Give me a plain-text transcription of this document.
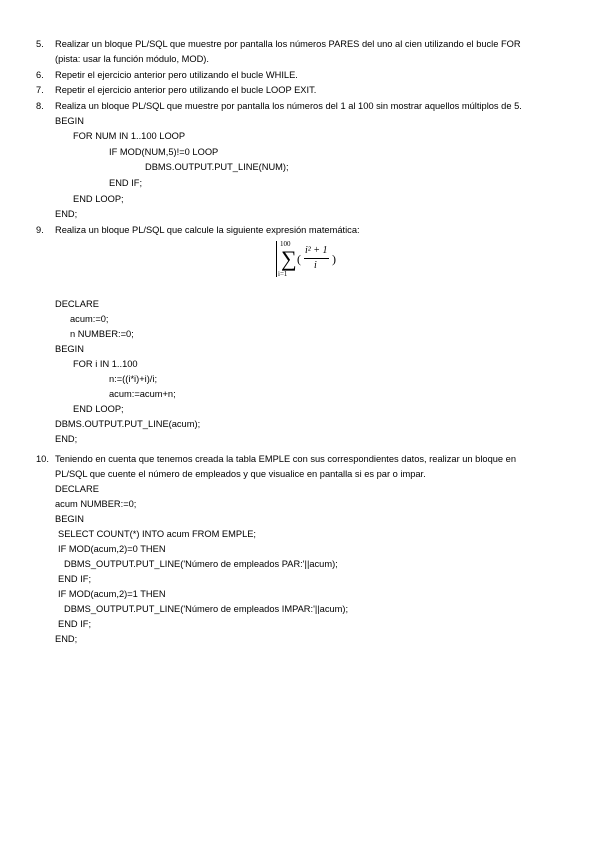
5. Realizar un bloque PL/SQL que muestre por pantalla los números PARES del uno al cien utilizando el bucle FOR
(pista: usar la función módulo, MOD).
6. Repetir el ejercicio anterior pero utilizando el bucle WHILE.
7. Repetir el ejercicio anterior pero utilizando el bucle LOOP EXIT.
8. Realiza un bloque PL/SQL que muestre por pantalla los números del 1 al 100 sin mostrar aquellos múltiplos de 5.
BEGIN
FOR NUM IN 1..100 LOOP
IF MOD(NUM,5)!=0 LOOP
DBMS.OUTPUT.PUT_LINE(NUM);
END IF;
END LOOP;
END;
9. Realiza un bloque PL/SQL que calcule la siguiente expresión matemática:
100
∑
i=1
(
i² + 1
i )
DECLARE
acum:=0;
n NUMBER:=0;
BEGIN
FOR i IN 1..100
n:=((i*i)+i)/i;
acum:=acum+n;
END LOOP;
DBMS.OUTPUT.PUT_LINE(acum);
END;
10. Teniendo en cuenta que tenemos creada la tabla EMPLE con sus correspondientes datos, realizar un bloque en
PL/SQL que cuente el número de empleados y que visualice en pantalla si es par o impar.
DECLARE
acum NUMBER:=0;
BEGIN
SELECT COUNT(*) INTO acum FROM EMPLE;
IF MOD(acum,2)=0 THEN
DBMS_OUTPUT.PUT_LINE('Número de empleados PAR:'||acum);
END IF;
IF MOD(acum,2)=1 THEN
DBMS_OUTPUT.PUT_LINE('Número de empleados IMPAR:'||acum);
END IF;
END;
